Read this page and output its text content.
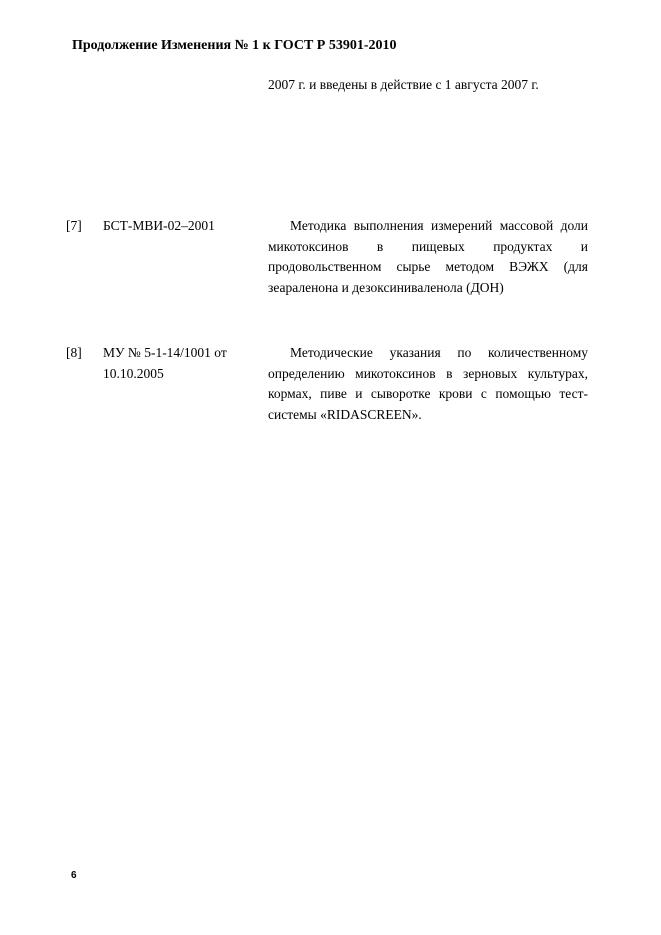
Продолжение Изменения № 1 к ГОСТ Р 53901-2010
2007 г. и введены в действие с 1 августа 2007 г.
[7] БСТ-МВИ-02–2001	Методика выполнения измерений массовой доли микотоксинов в пищевых продуктах и продовольственном сырье методом ВЭЖХ (для зеараленона и дезоксиниваленола (ДОН)
[8] МУ № 5-1-14/1001 от 10.10.2005
Методические указания по количественному определению микотоксинов в зерновых культурах, кормах, пиве и сыворотке крови с помощью тест-системы «RIDASCREEN».
6
